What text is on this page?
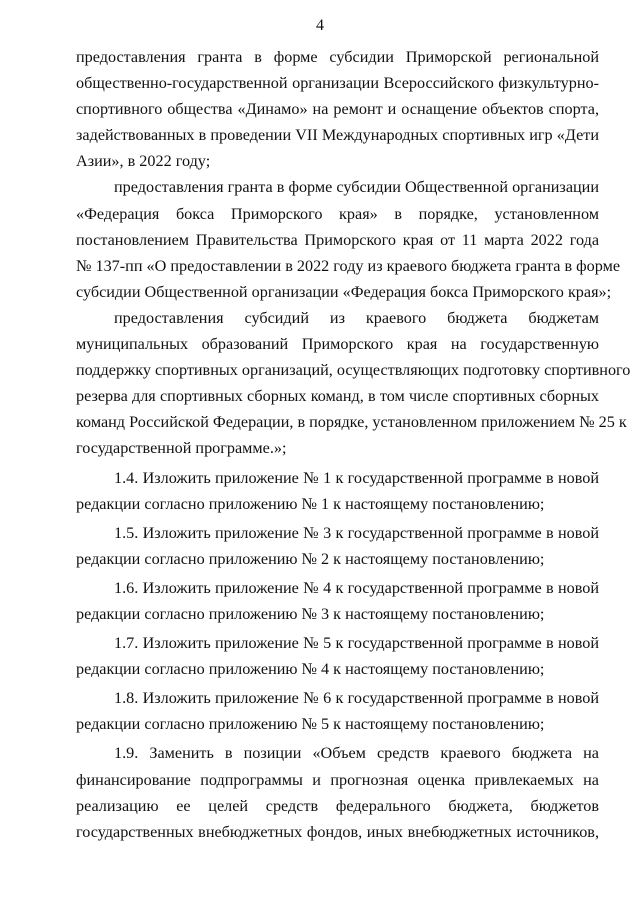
4
предоставления гранта в форме субсидии Приморской региональной
общественно-государственной организации Всероссийского физкультурно-
спортивного общества «Динамо» на ремонт и оснащение объектов спорта,
задействованных в проведении VII Международных спортивных игр «Дети
Азии», в 2022 году;
предоставления гранта в форме субсидии Общественной организации
«Федерация бокса Приморского края» в порядке, установленном
постановлением Правительства Приморского края от 11 марта 2022 года
№ 137-пп «О предоставлении в 2022 году из краевого бюджета гранта в форме
субсидии Общественной организации «Федерация бокса Приморского края»;
предоставления субсидий из краевого бюджета бюджетам
муниципальных образований Приморского края на государственную
поддержку спортивных организаций, осуществляющих подготовку спортивного
резерва для спортивных сборных команд, в том числе спортивных сборных
команд Российской Федерации, в порядке, установленном приложением № 25 к
государственной программе.»;
1.4. Изложить приложение № 1 к государственной программе в новой
редакции согласно приложению № 1 к настоящему постановлению;
1.5. Изложить приложение № 3 к государственной программе в новой
редакции согласно приложению № 2 к настоящему постановлению;
1.6. Изложить приложение № 4 к государственной программе в новой
редакции согласно приложению № 3 к настоящему постановлению;
1.7. Изложить приложение № 5 к государственной программе в новой
редакции согласно приложению № 4 к настоящему постановлению;
1.8. Изложить приложение № 6 к государственной программе в новой
редакции согласно приложению № 5 к настоящему постановлению;
1.9. Заменить в позиции «Объем средств краевого бюджета на
финансирование подпрограммы и прогнозная оценка привлекаемых на
реализацию ее целей средств федерального бюджета, бюджетов
государственных внебюджетных фондов, иных внебюджетных источников,
